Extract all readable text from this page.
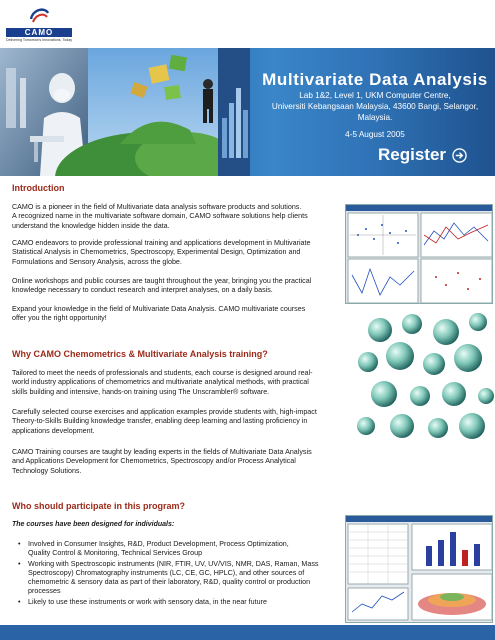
CAMO
Delivering Tomorrow's Innovations, Today
Multivariate Data Analysis
Lab 1&2, Level 1, UKM Computer Centre,
Universiti Kebangsaan Malaysia, 43600 Bangi, Selangor,
Malaysia.
4-5 August 2005
Register
Introduction
CAMO is a pioneer in the field of Multivariate data analysis software products and solutions.
A recognized name in the multivariate software domain, CAMO software solutions help clients
understand the knowledge hidden inside the data.
CAMO endeavors to provide professional training and applications development in Multivariate
Statistical Analysis in Chemometrics, Spectroscopy, Experimental Design, Optimization and
Formulations and Sensory Analysis, across the globe.
Online workshops and public courses are taught throughout the year, bringing you the practical
knowledge necessary to conduct research and interpret analyses, on a daily basis.
Expand your knowledge in the field of Multivariate Data Analysis. CAMO multivariate courses
offer you the right opportunity!
Why CAMO Chemometrics & Multivariate Analysis training?
Tailored to meet the needs of professionals and students, each course is designed around real-
world industry applications of chemometrics and multivariate analytical methods, with practical
skills building and intensive, hands-on training using The Unscrambler® software.
Carefully selected course exercises and application examples provide students with, high-impact
Theory-to-Skills Building knowledge transfer, enabling deep learning and lasting proficiency in
applications development.
CAMO Training courses are taught by leading experts in the fields of Multivariate Data Analysis
and Applications Development for Chemometrics, Spectroscopy and/or Process Analytical
Technology Solutions.
Who should participate in this program?
The courses have been designed for individuals:
• Involved in Consumer Insights, R&D, Product Development, Process Optimization,
Quality Control & Monitoring, Technical Services Group
• Working with Spectroscopic instruments (NIR, FTIR, UV, UV/VIS, NMR, DAS, Raman, Mass
Spectroscopy) Chromatography instruments (LC, CE, GC, HPLC), and other sources of
chemometric & sensory data as part of their laboratory, R&D, quality control or production
processes
• Likely to use these instruments or work with sensory data, in the near future
